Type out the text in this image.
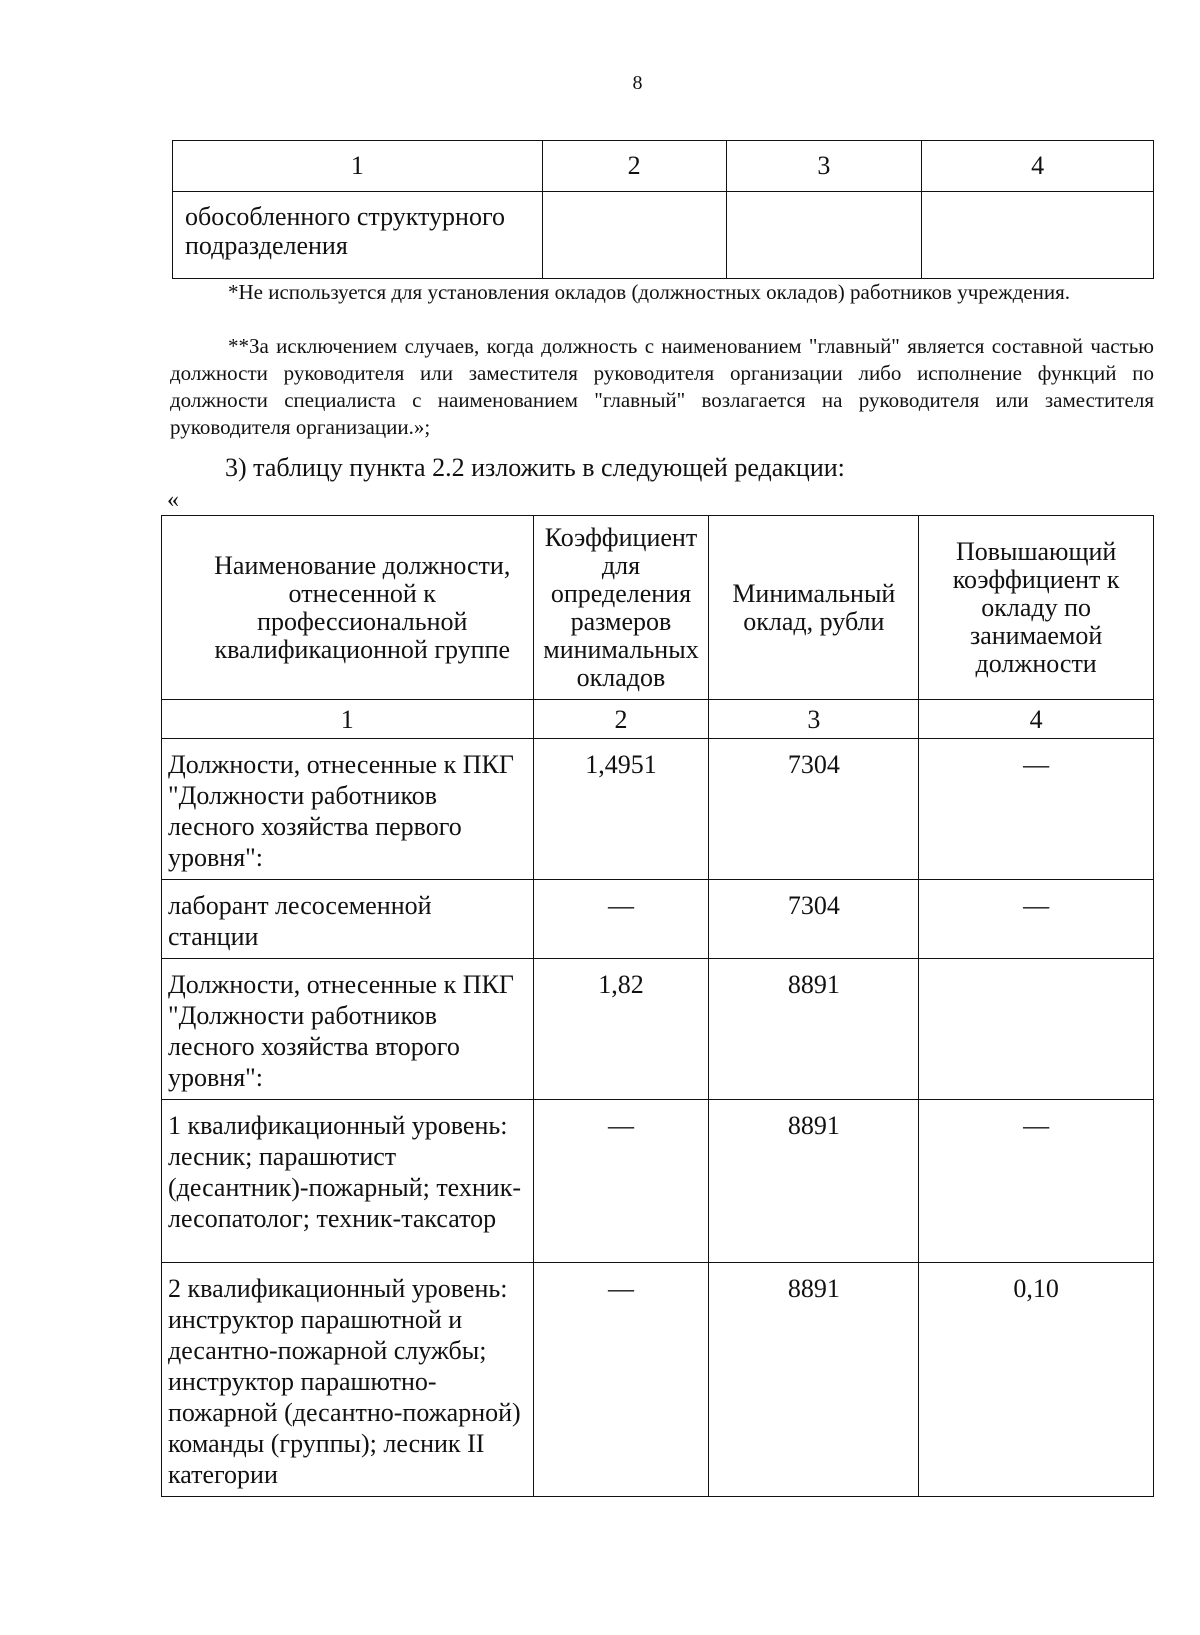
8
1	2	3	4
обособленного структурного подразделения			

*Не используется для установления окладов (должностных окладов) работников учреждения.

**За исключением случаев, когда должность с наименованием "главный" является составной частью должности руководителя или заместителя руководителя организации либо исполнение функций по должности специалиста с наименованием "главный" возлагается на руководителя или заместителя руководителя организации.»;

3) таблицу пункта 2.2 изложить в следующей редакции:
«
Наименование должности, отнесенной к профессиональной квалификационной группе	Коэффициент для определения размеров минимальных окладов	Минимальный оклад, рубли	Повышающий коэффициент к окладу по занимаемой должности
1	2	3	4
Должности, отнесенные к ПКГ "Должности работников лесного хозяйства первого уровня":	1,4951	7304	—
лаборант лесосеменной станции	—	7304	—
Должности, отнесенные к ПКГ "Должности работников лесного хозяйства второго уровня":	1,82	8891	
1 квалификационный уровень: лесник; парашютист (десантник)-пожарный; техник-лесопатолог; техник-таксатор	—	8891	—
2 квалификационный уровень: инструктор парашютной и десантно-пожарной службы; инструктор парашютно-пожарной (десантно-пожарной) команды (группы); лесник II категории	—	8891	0,10
